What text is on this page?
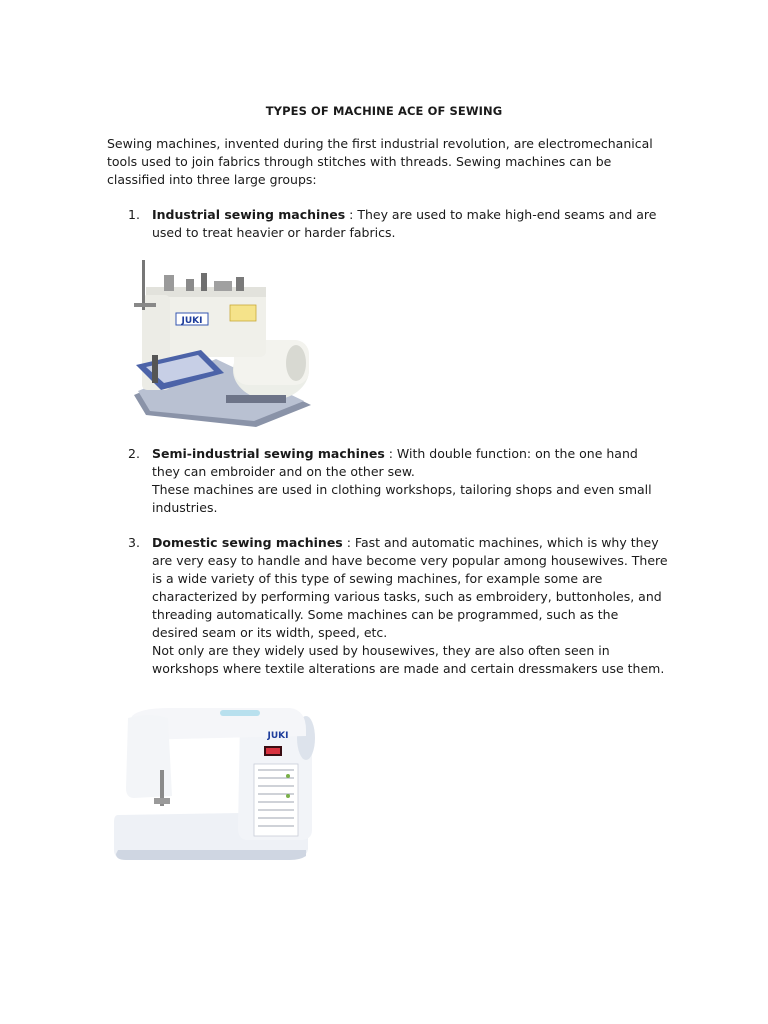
TYPES OF MACHINE ACE OF SEWING
Sewing machines, invented during the first industrial revolution, are electromechanical tools used to join fabrics through stitches with threads. Sewing machines can be classified into three large groups:
1. Industrial sewing machines : They are used to make high-end seams and are used to treat heavier or harder fabrics.
JUKI
2. Semi-industrial sewing machines : With double function: on the one hand they can embroider and on the other sew.
These machines are used in clothing workshops, tailoring shops and even small industries.
3. Domestic sewing machines : Fast and automatic machines, which is why they are very easy to handle and have become very popular among housewives. There is a wide variety of this type of sewing machines, for example some are characterized by performing various tasks, such as embroidery, buttonholes, and threading automatically. Some machines can be programmed, such as the desired seam or its width, speed, etc.
Not only are they widely used by housewives, they are also often seen in workshops where textile alterations are made and certain dressmakers use them.
JUKI
